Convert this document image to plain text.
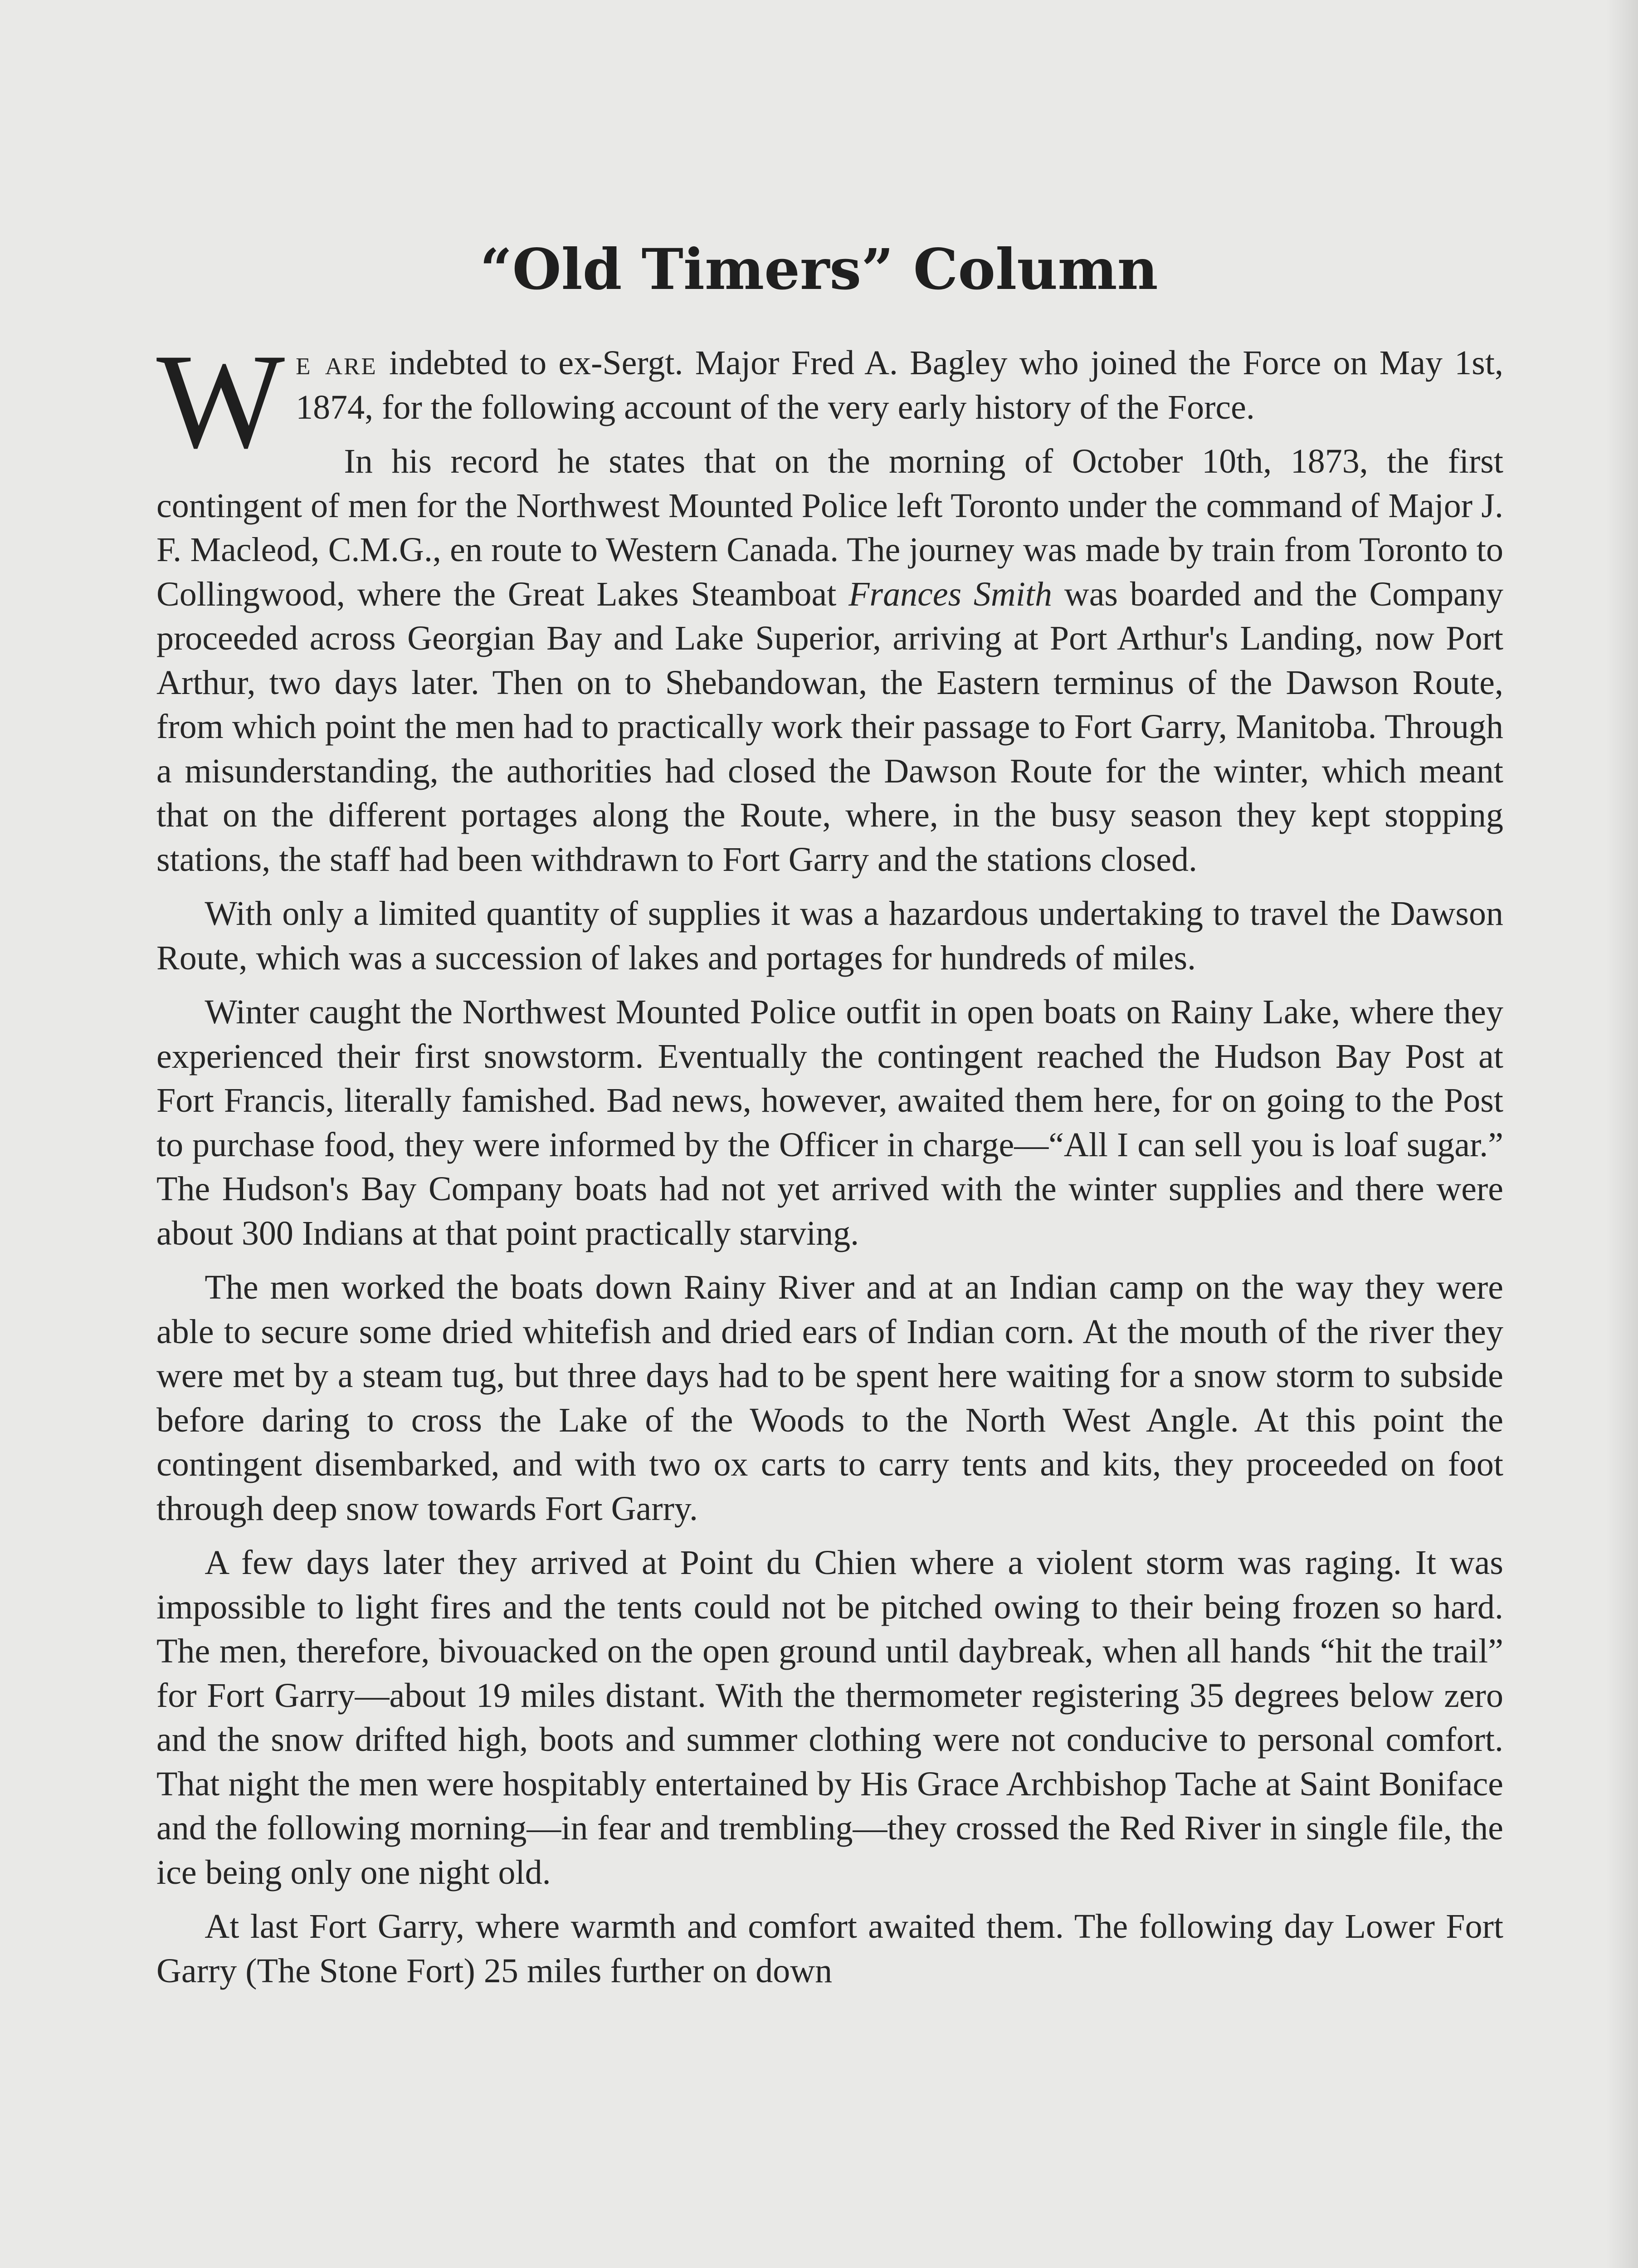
“Old Timers” Column

We are indebted to ex-Sergt. Major Fred A. Bagley who joined the Force on May 1st, 1874, for the following account of the very early history of the Force.

In his record he states that on the morning of October 10th, 1873, the first contingent of men for the Northwest Mounted Police left Toronto under the command of Major J. F. Macleod, C.M.G., en route to Western Canada. The journey was made by train from Toronto to Collingwood, where the Great Lakes Steamboat Frances Smith was boarded and the Company proceeded across Georgian Bay and Lake Superior, arriving at Port Arthur's Landing, now Port Arthur, two days later. Then on to Shebandowan, the Eastern terminus of the Dawson Route, from which point the men had to practically work their passage to Fort Garry, Manitoba. Through a misunderstanding, the authorities had closed the Dawson Route for the winter, which meant that on the different portages along the Route, where, in the busy season they kept stopping stations, the staff had been withdrawn to Fort Garry and the stations closed.

With only a limited quantity of supplies it was a hazardous undertaking to travel the Dawson Route, which was a succession of lakes and portages for hundreds of miles.

Winter caught the Northwest Mounted Police outfit in open boats on Rainy Lake, where they experienced their first snowstorm. Eventually the contingent reached the Hudson Bay Post at Fort Francis, literally famished. Bad news, however, awaited them here, for on going to the Post to purchase food, they were informed by the Officer in charge—“All I can sell you is loaf sugar.” The Hudson's Bay Company boats had not yet arrived with the winter supplies and there were about 300 Indians at that point practically starving.

The men worked the boats down Rainy River and at an Indian camp on the way they were able to secure some dried whitefish and dried ears of Indian corn. At the mouth of the river they were met by a steam tug, but three days had to be spent here waiting for a snow storm to subside before daring to cross the Lake of the Woods to the North West Angle. At this point the contingent disembarked, and with two ox carts to carry tents and kits, they proceeded on foot through deep snow towards Fort Garry.

A few days later they arrived at Point du Chien where a violent storm was raging. It was impossible to light fires and the tents could not be pitched owing to their being frozen so hard. The men, therefore, bivouacked on the open ground until daybreak, when all hands “hit the trail” for Fort Garry—about 19 miles distant. With the thermometer registering 35 degrees below zero and the snow drifted high, boots and summer clothing were not conducive to personal comfort. That night the men were hospitably entertained by His Grace Archbishop Tache at Saint Boniface and the following morning—in fear and trembling—they crossed the Red River in single file, the ice being only one night old.

At last Fort Garry, where warmth and comfort awaited them. The following day Lower Fort Garry (The Stone Fort) 25 miles further on down
